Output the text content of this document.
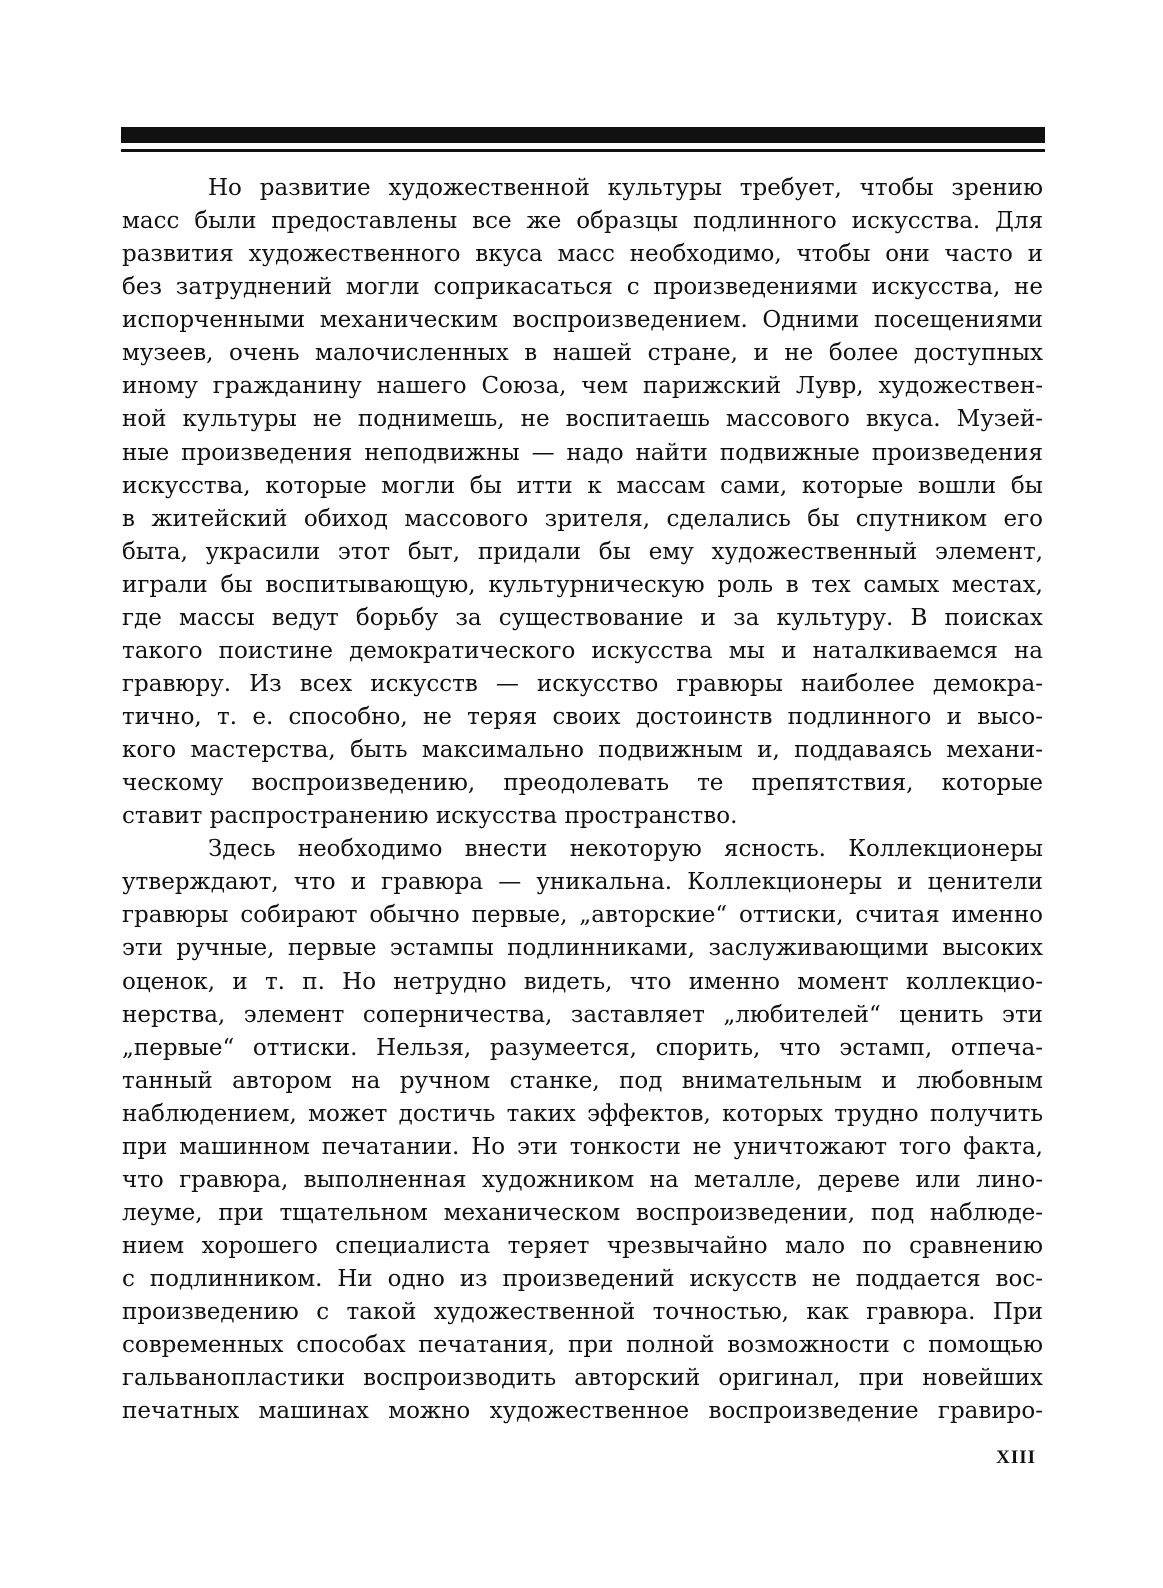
Но развитие художественной культуры требует, чтобы зрению
масс были предоставлены все же образцы подлинного искусства. Для
развития художественного вкуса масс необходимо, чтобы они часто и
без затруднений могли соприкасаться с произведениями искусства, не
испорченными механическим воспроизведением. Одними посещениями
музеев, очень малочисленных в нашей стране, и не более доступных
иному гражданину нашего Союза, чем парижский Лувр, художествен-
ной культуры не поднимешь, не воспитаешь массового вкуса. Музей-
ные произведения неподвижны — надо найти подвижные произведения
искусства, которые могли бы итти к массам сами, которые вошли бы
в житейский обиход массового зрителя, сделались бы спутником его
быта, украсили этот быт, придали бы ему художественный элемент,
играли бы воспитывающую, культурническую роль в тех самых местах,
где массы ведут борьбу за существование и за культуру. В поисках
такого поистине демократического искусства мы и наталкиваемся на
гравюру. Из всех искусств — искусство гравюры наиболее демокра-
тично, т. е. способно, не теряя своих достоинств подлинного и высо-
кого мастерства, быть максимально подвижным и, поддаваясь механи-
ческому воспроизведению, преодолевать те препятствия, которые
ставит распространению искусства пространство.
Здесь необходимо внести некоторую ясность. Коллекционеры
утверждают, что и гравюра — уникальна. Коллекционеры и ценители
гравюры собирают обычно первые, „авторские“ оттиски, считая именно
эти ручные, первые эстампы подлинниками, заслуживающими высоких
оценок, и т. п. Но нетрудно видеть, что именно момент коллекцио-
нерства, элемент соперничества, заставляет „любителей“ ценить эти
„первые“ оттиски. Нельзя, разумеется, спорить, что эстамп, отпеча-
танный автором на ручном станке, под внимательным и любовным
наблюдением, может достичь таких эффектов, которых трудно получить
при машинном печатании. Но эти тонкости не уничтожают того факта,
что гравюра, выполненная художником на металле, дереве или лино-
леуме, при тщательном механическом воспроизведении, под наблюде-
нием хорошего специалиста теряет чрезвычайно мало по сравнению
с подлинником. Ни одно из произведений искусств не поддается вос-
произведению с такой художественной точностью, как гравюра. При
современных способах печатания, при полной возможности с помощью
гальванопластики воспроизводить авторский оригинал, при новейших
печатных машинах можно художественное воспроизведение гравиро-
XIII
